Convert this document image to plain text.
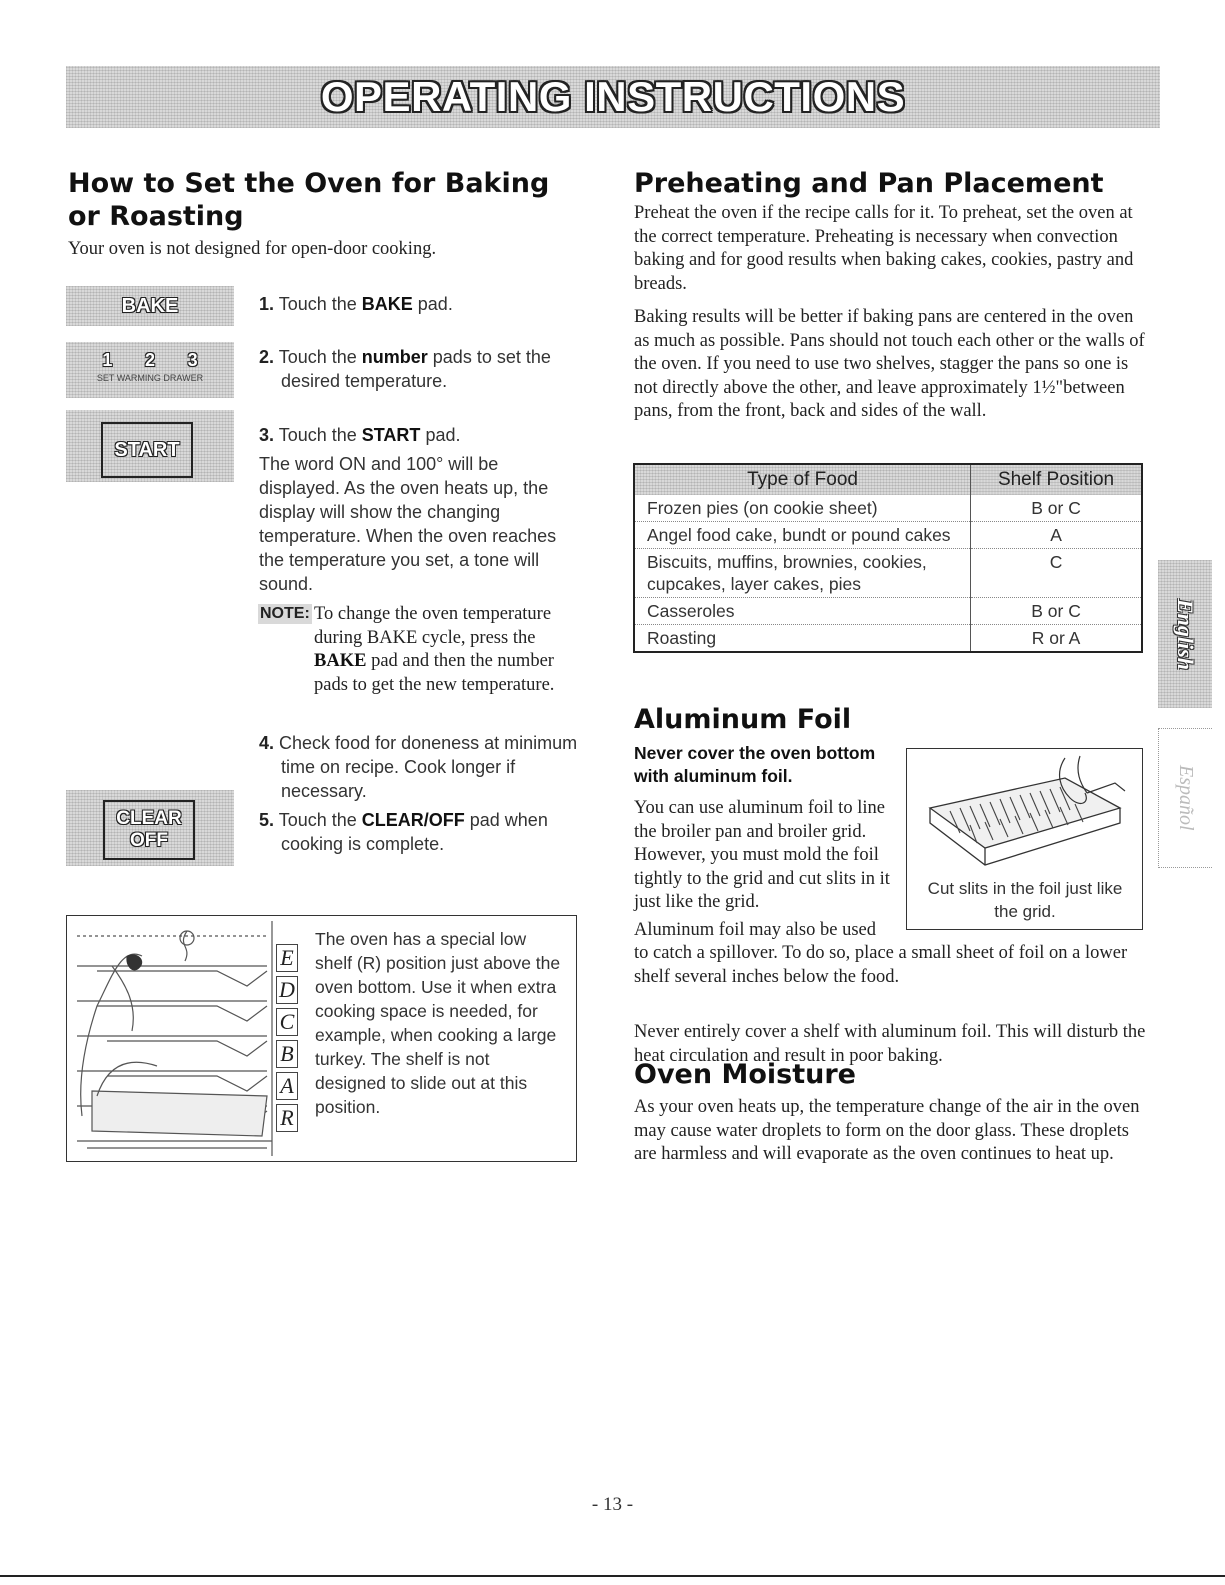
OPERATING INSTRUCTIONS
How to Set the Oven for Baking or Roasting

Your oven is not designed for open-door cooking.

BAKE
1 2 3
SET WARMING DRAWER
START
CLEAR
OFF

1. Touch the BAKE pad.

2. Touch the number pads to set the desired temperature.

3. Touch the START pad.

The word ON and 100° will be displayed. As the oven heats up, the display will show the changing temperature. When the oven reaches the temperature you set, a tone will sound.

NOTE: To change the oven temperature during BAKE cycle, press the BAKE pad and then the number pads to get the new temperature.

4. Check food for doneness at minimum time on recipe. Cook longer if necessary.

5. Touch the CLEAR/OFF pad when cooking is complete.

E
D
C
B
A
R

The oven has a special low shelf (R) position just above the oven bottom. Use it when extra cooking space is needed, for example, when cooking a large turkey. The shelf is not designed to slide out at this position.

Preheating and Pan Placement

Preheat the oven if the recipe calls for it. To preheat, set the oven at the correct temperature. Preheating is necessary when convection baking and for good results when baking cakes, cookies, pastry and breads.

Baking results will be better if baking pans are centered in the oven as much as possible. Pans should not touch each other or the walls of the oven. If you need to use two shelves, stagger the pans so one is not directly above the other, and leave approximately 1½"between pans, from the front, back and sides of the wall.

Type of Food	Shelf Position
Frozen pies (on cookie sheet)	B or C
Angel food cake, bundt or pound cakes	A
Biscuits, muffins, brownies, cookies, cupcakes, layer cakes, pies	C
Casseroles	B or C
Roasting	R or A
Aluminum Foil

Never cover the oven bottom with aluminum foil.

You can use aluminum foil to line the broiler pan and broiler grid. However, you must mold the foil tightly to the grid and cut slits in it just like the grid.

Aluminum foil may also be used

to catch a spillover. To do so, place a small sheet of foil on a lower shelf several inches below the food.

Cut slits in the foil just like the grid.

Never entirely cover a shelf with aluminum foil. This will disturb the heat circulation and result in poor baking.

Oven Moisture

As your oven heats up, the temperature change of the air in the oven may cause water droplets to form on the door glass. These droplets are harmless and will evaporate as the oven continues to heat up.

English
Español
- 13 -
